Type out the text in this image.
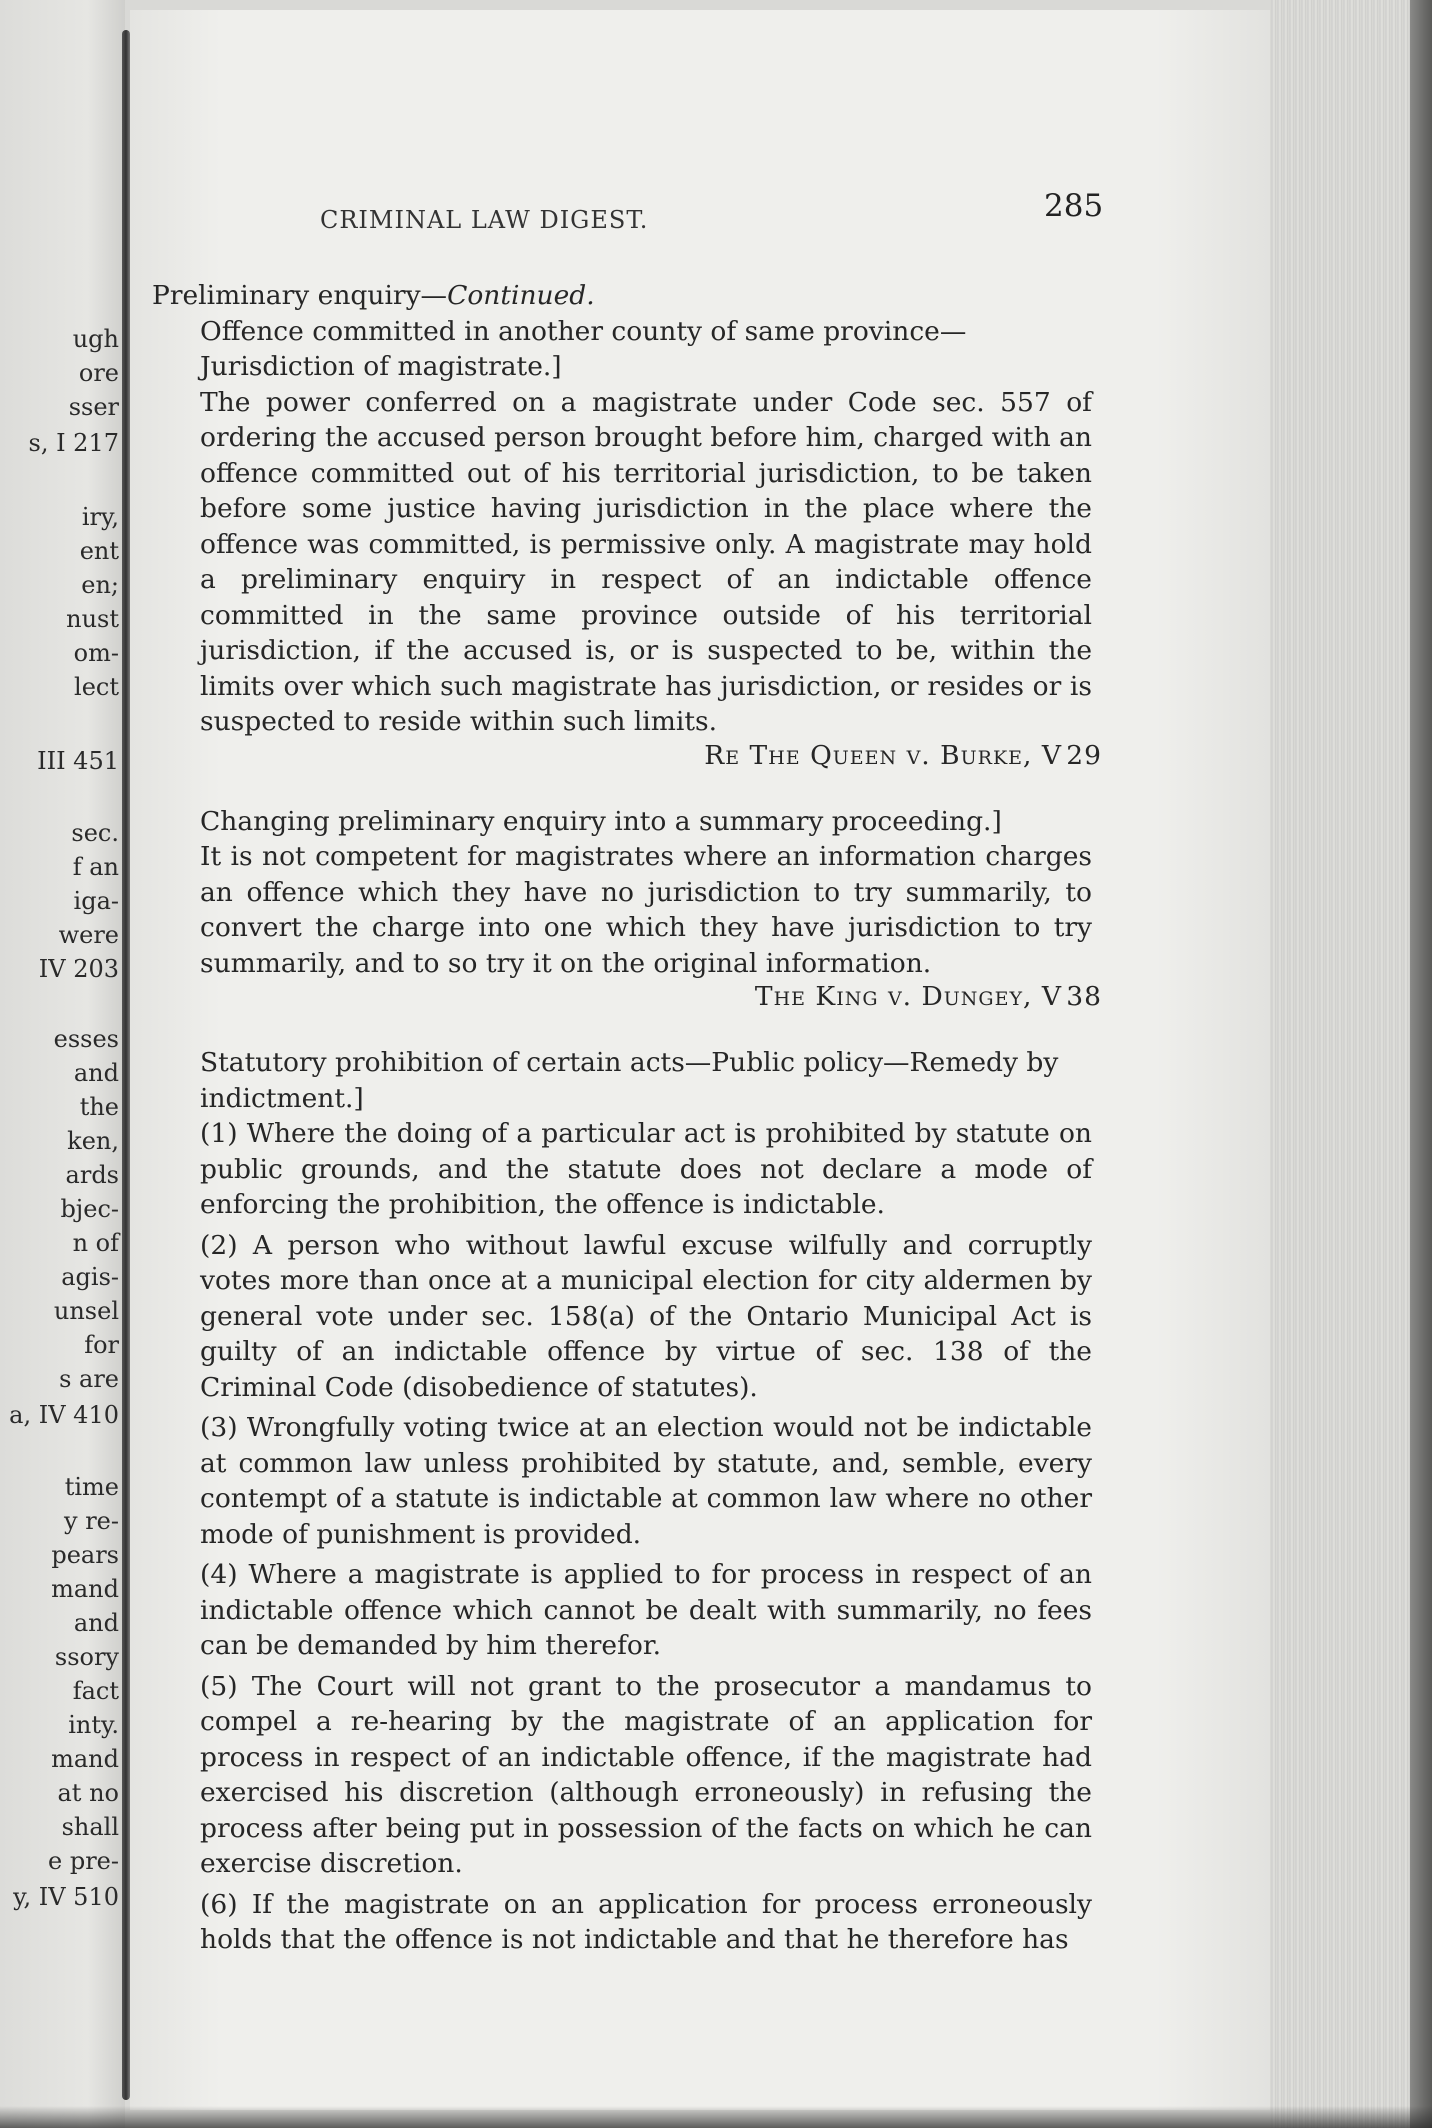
ugh
ore
sser
s, I 217
iry,
ent
en;
nust
om-
lect
III 451
sec.
f an
iga-
were
IV 203
esses
and
the
ken,
ards
bjec-
n of
agis-
unsel
for
s are
a, IV 410
time
y re-
pears
mand
and
ssory
fact
inty.
mand
at no
shall
e pre-
y, IV 510
CRIMINAL LAW DIGEST.	285

Preliminary enquiry—Continued.

Offence committed in another county of same province—Jurisdiction of magistrate.]

The power conferred on a magistrate under Code sec. 557 of ordering the accused person brought before him, charged with an offence committed out of his territorial jurisdiction, to be taken before some justice having jurisdiction in the place where the offence was committed, is permissive only. A magistrate may hold a preliminary enquiry in respect of an indictable offence committed in the same province outside of his territorial jurisdiction, if the accused is, or is suspected to be, within the limits over which such magistrate has jurisdiction, or resides or is suspected to reside within such limits.

Re The Queen v. Burke, V 29

Changing preliminary enquiry into a summary proceeding.]

It is not competent for magistrates where an information charges an offence which they have no jurisdiction to try summarily, to convert the charge into one which they have jurisdiction to try summarily, and to so try it on the original information.

The King v. Dungey, V 38

Statutory prohibition of certain acts—Public policy—Remedy by indictment.]

(1) Where the doing of a particular act is prohibited by statute on public grounds, and the statute does not declare a mode of enforcing the prohibition, the offence is indictable.

(2) A person who without lawful excuse wilfully and corruptly votes more than once at a municipal election for city aldermen by general vote under sec. 158(a) of the Ontario Municipal Act is guilty of an indictable offence by virtue of sec. 138 of the Criminal Code (disobedience of statutes).

(3) Wrongfully voting twice at an election would not be indictable at common law unless prohibited by statute, and, semble, every contempt of a statute is indictable at common law where no other mode of punishment is provided.

(4) Where a magistrate is applied to for process in respect of an indictable offence which cannot be dealt with summarily, no fees can be demanded by him therefor.

(5) The Court will not grant to the prosecutor a mandamus to compel a re-hearing by the magistrate of an application for process in respect of an indictable offence, if the magistrate had exercised his discretion (although erroneously) in refusing the process after being put in possession of the facts on which he can exercise discretion.

(6) If the magistrate on an application for process erroneously holds that the offence is not indictable and that he therefore has
